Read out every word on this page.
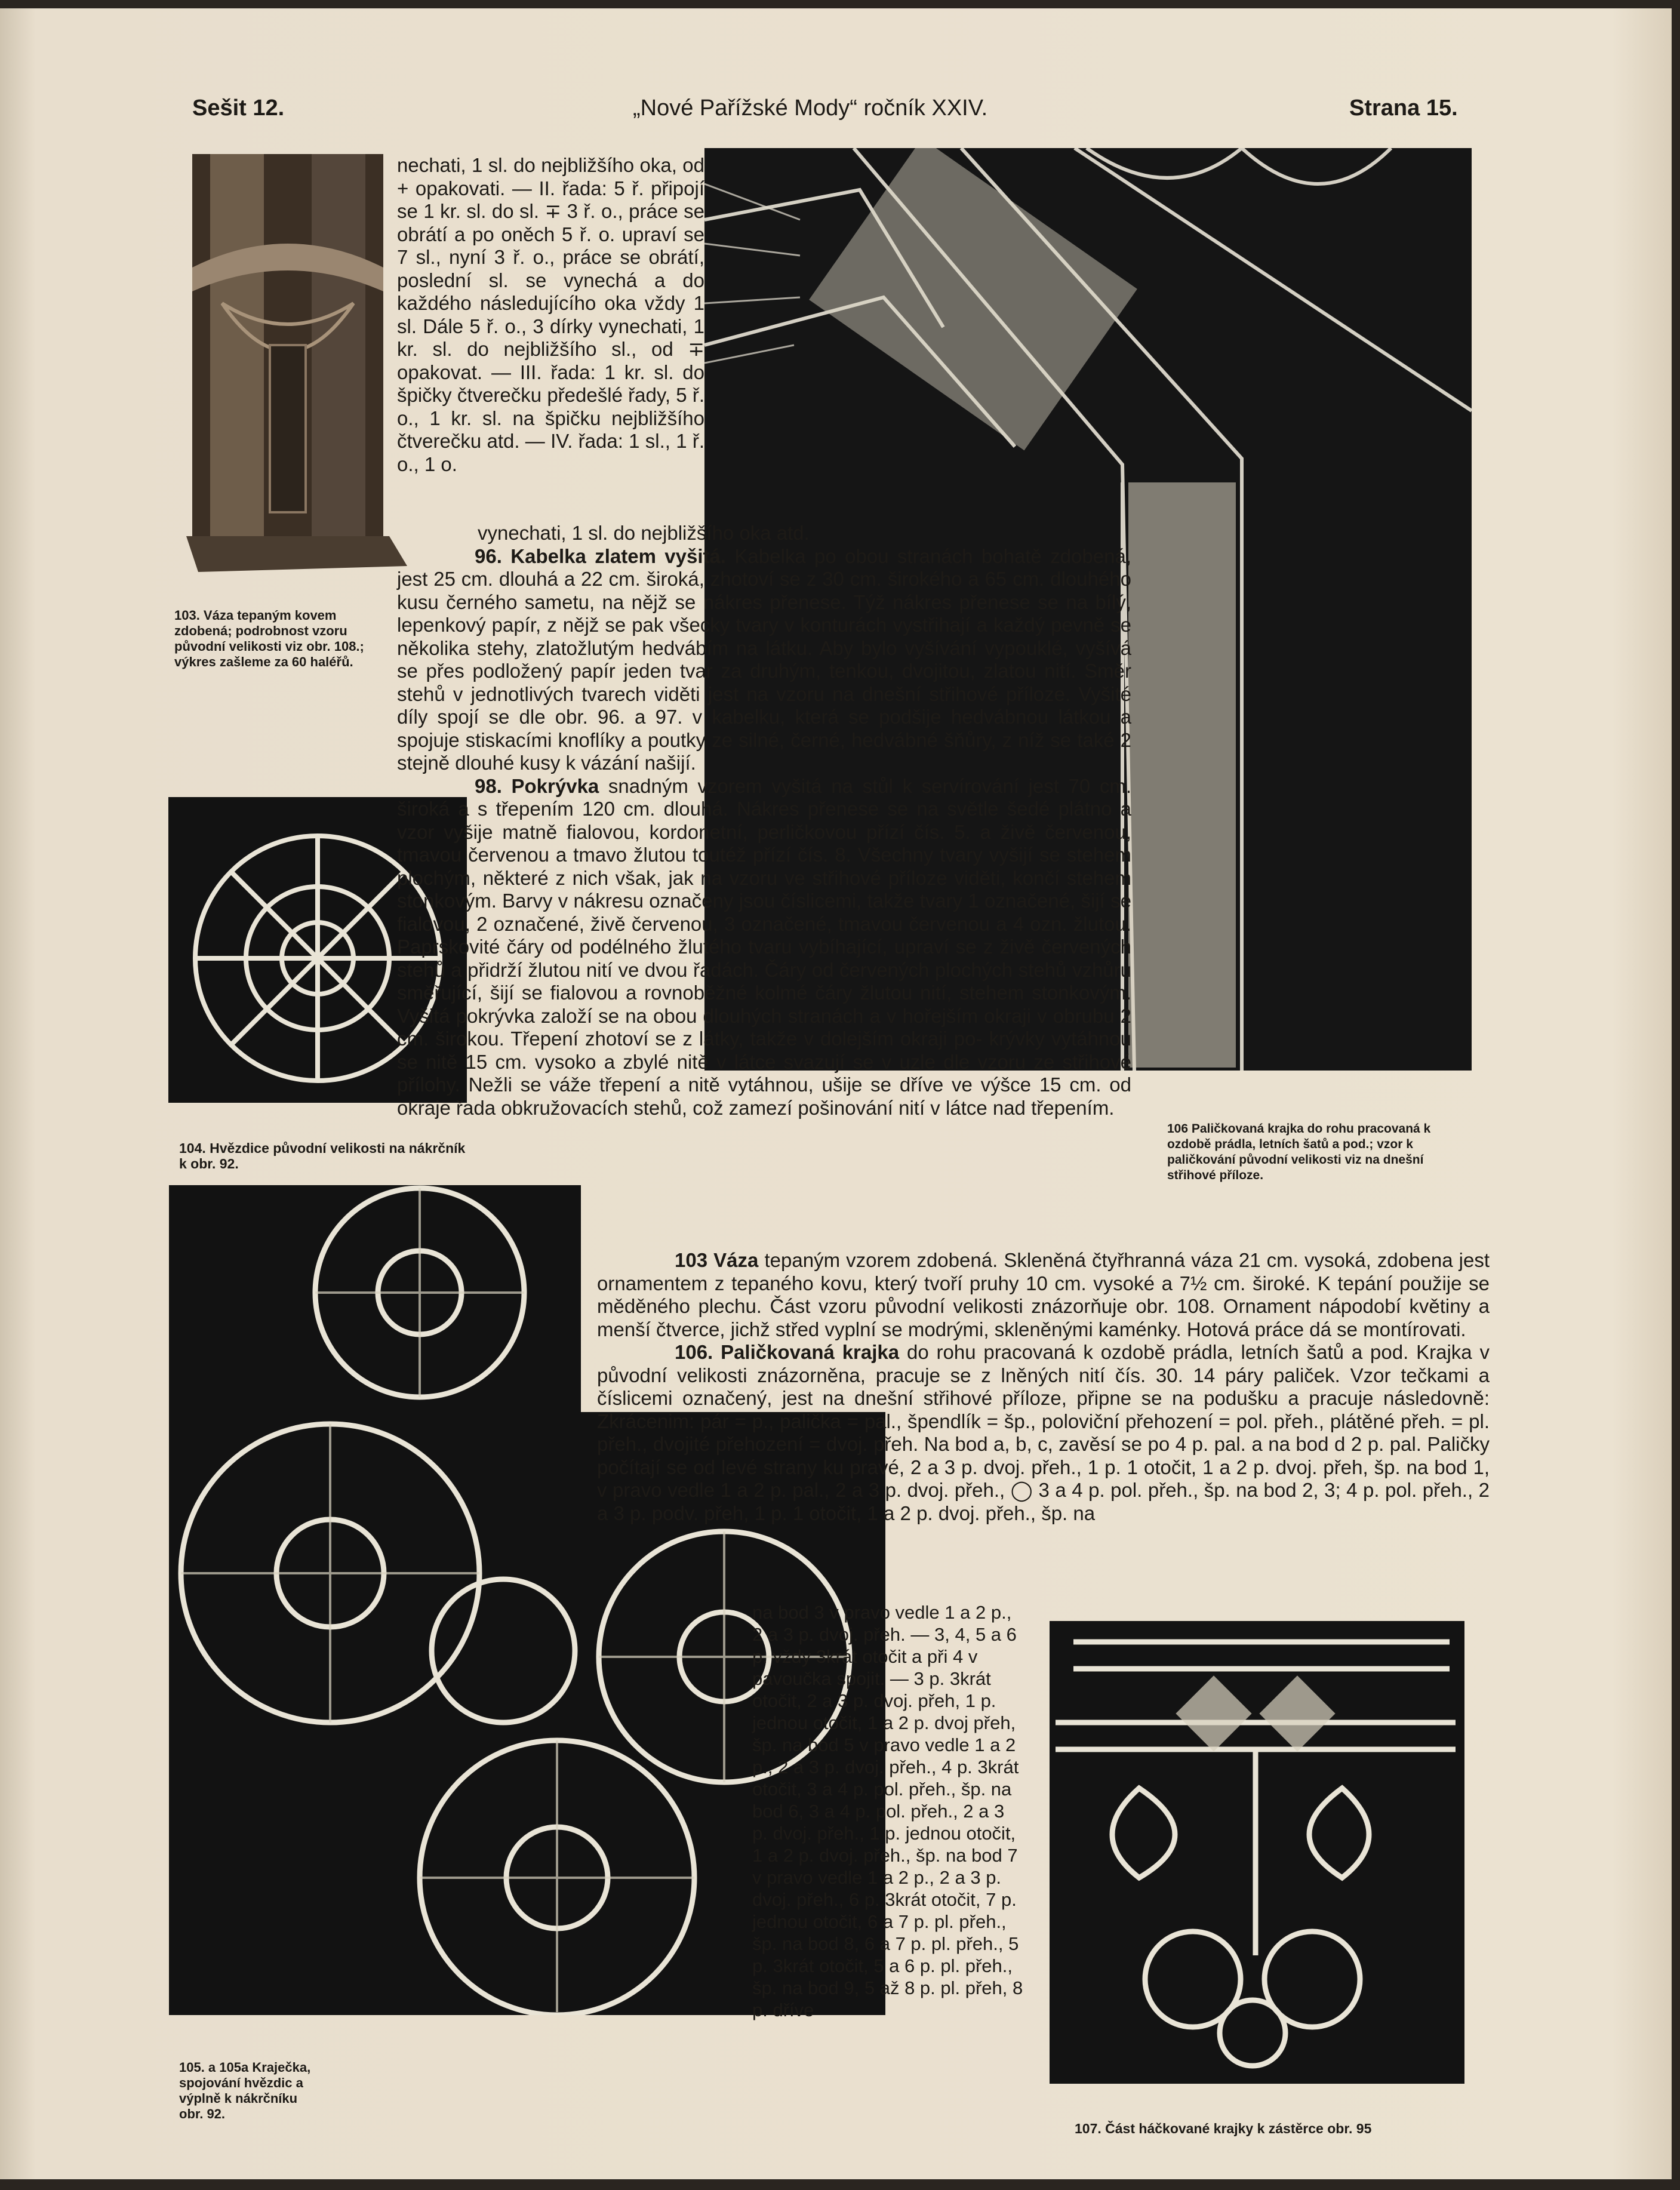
Sešit 12.	„Nové Pařížské Mody“ ročník XXIV.	Strana 15.
nechati, 1 sl. do nejbližšího oka, od + opakovati. — II. řada: 5 ř. připojí se 1 kr. sl. do sl. ∓ 3 ř. o., práce se obrátí a po oněch 5 ř. o. upraví se 7 sl., nyní 3 ř. o., práce se obrátí, poslední sl. se vynechá a do každého následujícího oka vždy 1 sl. Dále 5 ř. o., 3 dírky vynechati, 1 kr. sl. do nejbližšího sl., od ∓ opakovat. — III. řada: 1 kr. sl. do špičky čtverečku předešlé řady, 5 ř. o., 1 kr. sl. na špičku nejbližšího čtverečku atd. — IV. řada: 1 sl., 1 ř. o., 1 o.
103. Váza tepaným kovem zdobená; podrobnost vzoru původní velikosti viz obr. 108.; výkres zašleme za 60 haléřů.
106 Paličkovaná krajka do rohu pracovaná k ozdobě prádla, letních šatů a pod.; vzor k paličkování původní velikosti viz na dnešní střihové příloze.
104. Hvězdice původní velikosti na nákrčník k obr. 92.
105. a 105a Kraječka, spojování hvězdic a výplně k nákrčníku obr. 92.
107. Část háčkované krajky k zástěrce obr. 95

vynechati, 1 sl. do nejbližšího oka atd.

96. Kabelka zlatem vyšitá. Kabelka po obou stranách bohatě zdobená, jest 25 cm. dlouhá a 22 cm. široká, zhotoví se z 30 cm. širokého a 65 cm. dlouhého kusu černého sametu, na nějž se nákres přenese. Týž nákres přenese se na bílý, lepenkový papír, z nějž se pak všecky tvary v konturách vystřihají a každý pevně se několika stehy, zlatožlutým hedvábím na látku. Aby bylo vyšívání vypouklé, vyšívá se přes podložený papír jeden tvar za druhým, tenkou, dvojitou, zlatou nití. Směr stehů v jednotlivých tvarech viděti jest na vzoru na dnešní střihové příloze. Vyšité díly spojí se dle obr. 96. a 97. v kabelku, která se podšije hedvábnou látkou a spojuje stiskacími knoflíky a poutky ze silné, černé, hedvábné šňůry, z níž se také 2 stejně dlouhé kusy k vázání našijí.

98. Pokrývka snadným vzorem vyšitá na stůl k servírování jest 70 cm. široká a s třepením 120 cm. dlouhá. Nákres přenese se na světle šedé plátno a vzor vyšije matně fialovou, kordonetní, perličkovou přízí čís. 5. a živě červenou, tmavou červenou a tmavo žlutou toutéž přízí čís. 8. Všechny tvary vyšijí se stehem plochým, některé z nich však, jak na vzoru ve střihové příloze viděti, končí stehem stonkovým. Barvy v nákresu označeny jsou číslicemi, takže tvary 1 označené, šijí se fialovou, 2 označené, živě červenou, 3 označené, tmavou červenou a 4 ozn. žlutou. Paprskovité čáry od podélného žlutého tvaru vybíhající, upraví se z živě červených stehů a přidrží žlutou nití ve dvou řadách. Čáry od červených plochých stehů vzhůru směřující, šijí se fialovou a rovnoběžné kolmé čáry žlutou nití, stehem stonkovým. Vyšitá pokrývka založí se na obou dlouhých stranách a v hořejším okraji v obrubu 2 cm. širokou. Třepení zhotoví se z látky, takže v dolejším okraji po- krývky vytáhnou se nitě 15 cm. vysoko a zbylé nitě v látce svazují se v uzle dle vzoru ze střihové přílohy. Nežli se váže třepení a nitě vytáhnou, ušije se dříve ve výšce 15 cm. od okraje řada obkružovacích stehů, což zamezí pošinování nití v látce nad třepením.

103 Váza tepaným vzorem zdobená. Skleněná čtyřhranná váza 21 cm. vysoká, zdobena jest ornamentem z tepaného kovu, který tvoří pruhy 10 cm. vysoké a 7½ cm. široké. K tepání použije se měděného plechu. Část vzoru původní velikosti znázorňuje obr. 108. Ornament nápodobí květiny a menší čtverce, jichž střed vyplní se modrými, skleněnými kaménky. Hotová práce dá se montírovati.

106. Paličkovaná krajka do rohu pracovaná k ozdobě prádla, letních šatů a pod. Krajka v původní velikosti znázorněna, pracuje se z lněných nití čís. 30. 14 páry paliček. Vzor tečkami a číslicemi označený, jest na dnešní střihové příloze, připne se na podušku a pracuje následovně: Zkrácenim: pár = p., palička = pal., špendlík = šp., poloviční přehození = pol. přeh., plátěné přeh. = pl. přeh., dvojité přehození = dvoj. přeh. Na bod a, b, c, zavěsí se po 4 p. pal. a na bod d 2 p. pal. Paličky počítají se od levé strany ku pravé, 2 a 3 p. dvoj. přeh., 1 p. 1 otočit, 1 a 2 p. dvoj. přeh, šp. na bod 1, v pravo vedle 1 a 2 p. pal., 2 a 3 p. dvoj. přeh., ◯ 3 a 4 p. pol. přeh., šp. na bod 2, 3; 4 p. pol. přeh., 2 a 3 p. podv. přeh, 1 p. 1 otočit, 1 a 2 p. dvoj. přeh., šp. na

na bod 3 v pravo vedle 1 a 2 p., 2 a 3 p. dvoj. přeh. — 3, 4, 5 a 6 p. vždy 3krát otočit a při 4 v pavoučka spojit. — 3 p. 3krát otočit, 2 a 3 p. dvoj. přeh, 1 p. jednou otočit, 1 a 2 p. dvoj přeh, šp. na bod 5 v pravo vedle 1 a 2 p., 2 a 3 p. dvoj. přeh., 4 p. 3krát otočit, 3 a 4 p. pol. přeh., šp. na bod 6, 3 a 4 p. pol. přeh., 2 a 3 p. dvoj. přeh., 1 p. jednou otočit, 1 a 2 p. dvoj. přeh., šp. na bod 7 v pravo vedle 1 a 2 p., 2 a 3 p. dvoj. přeh., 6 p. 3krát otočit, 7 p. jednou otočit, 6 a 7 p. pl. přeh., šp. na bod 8, 6 a 7 p. pl. přeh., 5 p. 3krát otočit, 5 a 6 p. pl. přeh., šp. na bod 9, 5 až 8 p. pl. přeh, 8 p. dříve
